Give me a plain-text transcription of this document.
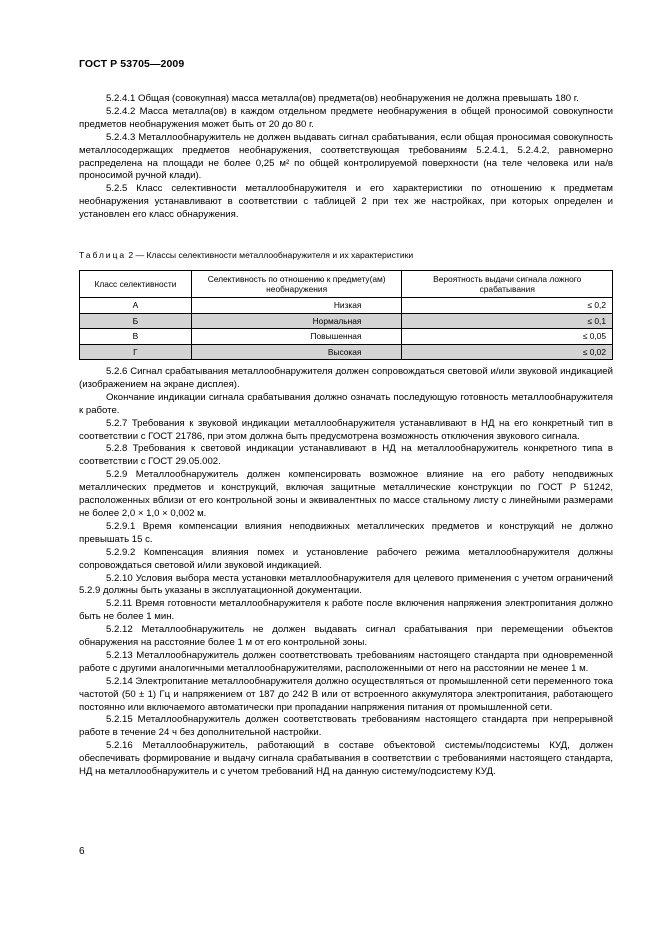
ГОСТ Р 53705—2009

5.2.4.1 Общая (совокупная) масса металла(ов) предмета(ов) необнаружения не должна превышать 180 г.

5.2.4.2 Масса металла(ов) в каждом отдельном предмете необнаружения в общей проносимой совокупности предметов необнаружения может быть от 20 до 80 г.

5.2.4.3 Металлообнаружитель не должен выдавать сигнал срабатывания, если общая проносимая совокупность металлосодержащих предметов необнаружения, соответствующая требованиям 5.2.4.1, 5.2.4.2, равномерно распределена на площади не более 0,25 м² по общей контролируемой поверхности (на теле человека или на/в проносимой ручной клади).

5.2.5 Класс селективности металлообнаружителя и его характеристики по отношению к предметам необнаружения устанавливают в соответствии с таблицей 2 при тех же настройках, при которых определен и установлен его класс обнаружения.

Таблица 2 — Классы селективности металлообнаружителя и их характеристики
Класс селективности	Селективность по отношению к предмету(ам) необнаружения	Вероятность выдачи сигнала ложного срабатывания
А	Низкая	≤ 0,2
Б	Нормальная	≤ 0,1
В	Повышенная	≤ 0,05
Г	Высокая	≤ 0,02

5.2.6 Сигнал срабатывания металлообнаружителя должен сопровождаться световой и/или звуковой индикацией (изображением на экране дисплея).

Окончание индикации сигнала срабатывания должно означать последующую готовность металлообнаружителя к работе.

5.2.7 Требования к звуковой индикации металлообнаружителя устанавливают в НД на его конкретный тип в соответствии с ГОСТ 21786, при этом должна быть предусмотрена возможность отключения звукового сигнала.

5.2.8 Требования к световой индикации устанавливают в НД на металлообнаружитель конкретного типа в соответствии с ГОСТ 29.05.002.

5.2.9 Металлообнаружитель должен компенсировать возможное влияние на его работу неподвижных металлических предметов и конструкций, включая защитные металлические конструкции по ГОСТ Р 51242, расположенных вблизи от его контрольной зоны и эквивалентных по массе стальному листу с линейными размерами не более 2,0 × 1,0 × 0,002 м.

5.2.9.1 Время компенсации влияния неподвижных металлических предметов и конструкций не должно превышать 15 с.

5.2.9.2 Компенсация влияния помех и установление рабочего режима металлообнаружителя должны сопровождаться световой и/или звуковой индикацией.

5.2.10 Условия выбора места установки металлообнаружителя для целевого применения с учетом ограничений 5.2.9 должны быть указаны в эксплуатационной документации.

5.2.11 Время готовности металлообнаружителя к работе после включения напряжения электропитания должно быть не более 1 мин.

5.2.12 Металлообнаружитель не должен выдавать сигнал срабатывания при перемещении объектов обнаружения на расстояние более 1 м от его контрольной зоны.

5.2.13 Металлообнаружитель должен соответствовать требованиям настоящего стандарта при одновременной работе с другими аналогичными металлообнаружителями, расположенными от него на расстоянии не менее 1 м.

5.2.14 Электропитание металлообнаружителя должно осуществляться от промышленной сети переменного тока частотой (50 ± 1) Гц и напряжением от 187 до 242 В или от встроенного аккумулятора электропитания, работающего постоянно или включаемого автоматически при пропадании напряжения питания от промышленной сети.

5.2.15 Металлообнаружитель должен соответствовать требованиям настоящего стандарта при непрерывной работе в течение 24 ч без дополнительной настройки.

5.2.16 Металлообнаружитель, работающий в составе объектовой системы/подсистемы КУД, должен обеспечивать формирование и выдачу сигнала срабатывания в соответствии с требованиями настоящего стандарта, НД на металлообнаружитель и с учетом требований НД на данную систему/подсистему КУД.

6
